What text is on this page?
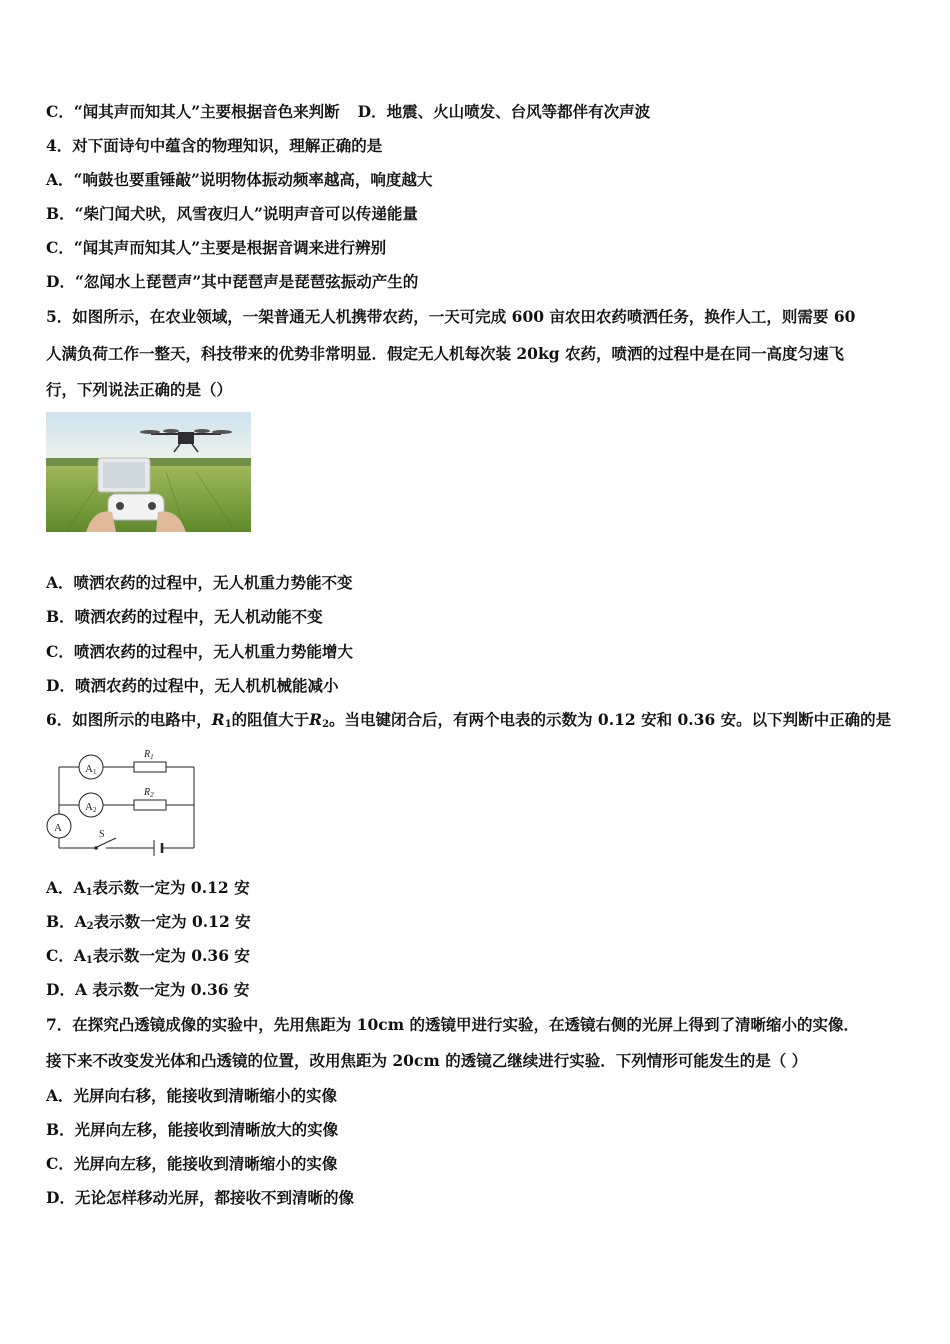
C．“闻其声而知其人”主要根据音色来判断 D．地震、火山喷发、台风等都伴有次声波
4．对下面诗句中蕴含的物理知识，理解正确的是
A．“响鼓也要重锤敲”说明物体振动频率越高，响度越大
B．“柴门闻犬吠，风雪夜归人”说明声音可以传递能量
C．“闻其声而知其人”主要是根据音调来进行辨别
D．“忽闻水上琵琶声”其中琵琶声是琵琶弦振动产生的
5．如图所示，在农业领域，一架普通无人机携带农药，一天可完成 600 亩农田农药喷洒任务，换作人工，则需要 60
人满负荷工作一整天，科技带来的优势非常明显．假定无人机每次装 20kg 农药，喷洒的过程中是在同一高度匀速飞
行，下列说法正确的是（）
A．喷洒农药的过程中，无人机重力势能不变
B．喷洒农药的过程中，无人机动能不变
C．喷洒农药的过程中，无人机重力势能增大
D．喷洒农药的过程中，无人机机械能减小
6．如图所示的电路中，$R_1$的阻值大于$R_2$。当电键闭合后，有两个电表的示数为 0.12 安和 0.36 安。以下判断中正确的是
A1
A2
A
$R_1$
$R_2$
S
A．$A_1$表示数一定为 0.12 安
B．$A_2$表示数一定为 0.12 安
C．$A_1$表示数一定为 0.36 安
D．A 表示数一定为 0.36 安
7．在探究凸透镜成像的实验中，先用焦距为 10cm 的透镜甲进行实验，在透镜右侧的光屏上得到了清晰缩小的实像．
接下来不改变发光体和凸透镜的位置，改用焦距为 20cm 的透镜乙继续进行实验．下列情形可能发生的是（ ）
A．光屏向右移，能接收到清晰缩小的实像
B．光屏向左移，能接收到清晰放大的实像
C．光屏向左移，能接收到清晰缩小的实像
D．无论怎样移动光屏，都接收不到清晰的像
